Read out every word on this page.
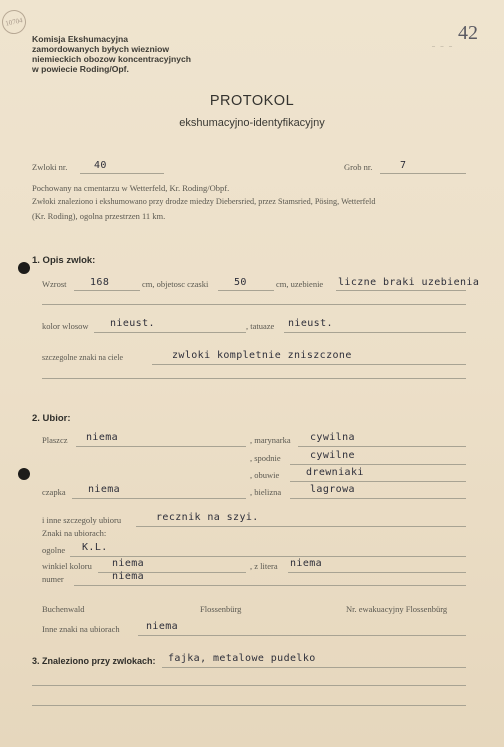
10704	42
‒ ‒ ‒
Komisja Ekshumacyjna
zamordowanych byłych wiezniow
niemieckich obozow koncentracyjnych
w powiecie Roding/Opf.
PROTOKOL
ekshumacyjno-identyfikacyjny
Zwloki nr.	40	Grob nr.	7
Pochowany na cmentarzu w Wetterfeld, Kr. Roding/Obpf.
Zwłoki znaleziono i ekshumowano przy drodze miedzy Diebersried, przez Stamsried, Pösing, Wetterfeld
(Kr. Roding), ogolna przestrzen 11 km.
1. Opis zwlok:
Wzrost 168	cm, objetosc czaski	50	cm, uzebienie liczne braki uzebienia
kolor wlosow nieust.	, tatuaze nieust.
szczegolne znaki na ciele	zwloki kompletnie zniszczone
2. Ubior:
Plaszcz niema	, marynarka cywilna
, spodnie	cywilne
, obuwie	drewniaki
czapka niema	, bielizna	lagrowa
i inne szczegoly ubioru	recznik na szyi.
Znaki na ubiorach:
ogolne K.L.
winkiel koloru niema	, z litera niema
numer	niema
Buchenwald	Flossenbürg	Nr. ewakuacyjny Flossenbürg
Inne znaki na ubiorach	niema
3. Znaleziono przy zwlokach: fajka, metalowe pudelko
